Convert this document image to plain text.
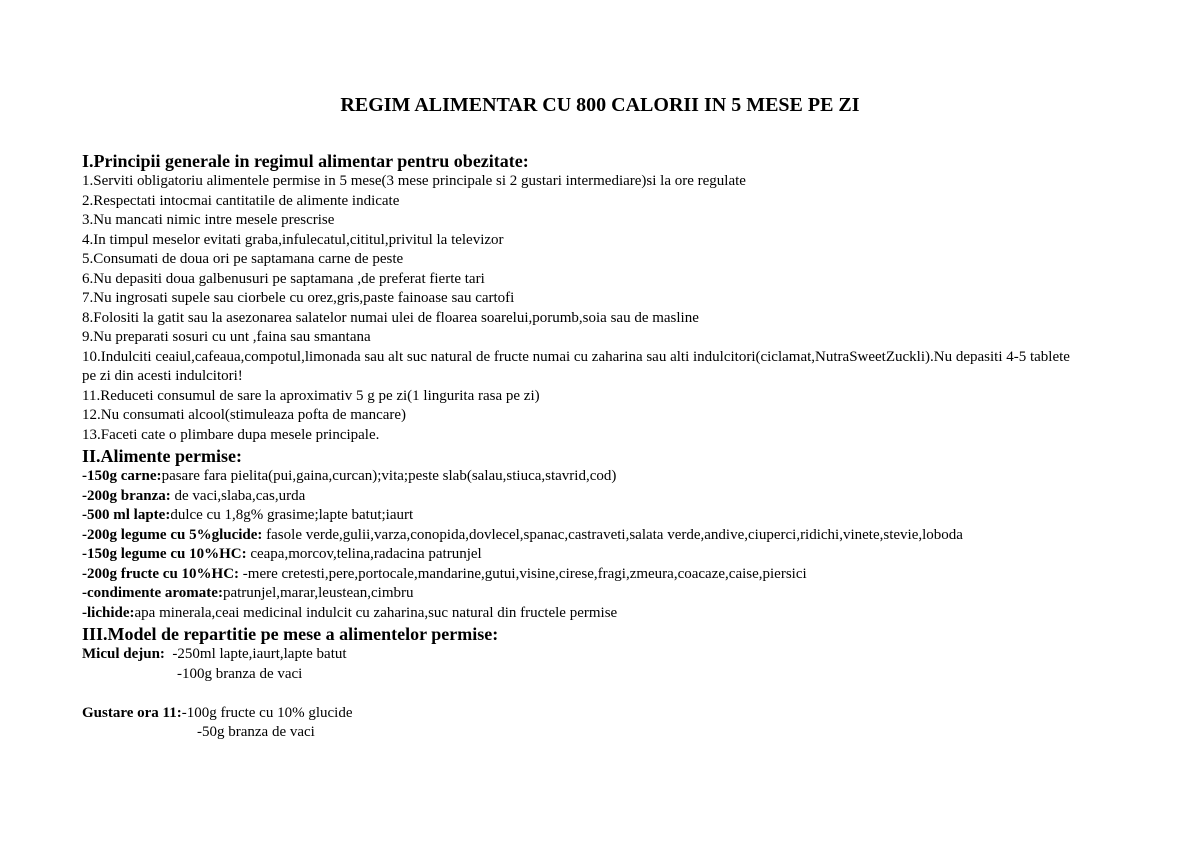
REGIM ALIMENTAR CU 800 CALORII IN 5 MESE PE ZI
I.Principii generale in regimul alimentar pentru obezitate:
1.Serviti obligatoriu alimentele permise in 5 mese(3 mese principale si 2 gustari intermediare)si la ore regulate
2.Respectati intocmai cantitatile de alimente indicate
3.Nu mancati nimic intre mesele prescrise
4.In timpul meselor evitati graba,infulecatul,cititul,privitul la televizor
5.Consumati de doua ori pe saptamana carne de peste
6.Nu depasiti doua galbenusuri pe saptamana ,de preferat fierte tari
7.Nu ingrosati supele sau ciorbele cu orez,gris,paste fainoase sau cartofi
8.Folositi la gatit sau la asezonarea salatelor numai ulei de floarea soarelui,porumb,soia sau de masline
9.Nu preparati sosuri cu unt ,faina sau smantana
10.Indulciti ceaiul,cafeaua,compotul,limonada sau alt suc natural de fructe numai cu zaharina sau alti indulcitori(ciclamat,NutraSweetZuckli).Nu depasiti 4-5 tablete pe zi din acesti indulcitori!
11.Reduceti consumul de sare la aproximativ 5 g pe zi(1 lingurita rasa pe zi)
12.Nu consumati alcool(stimuleaza pofta de mancare)
13.Faceti cate o plimbare dupa mesele principale.
II.Alimente permise:
-150g carne:pasare fara pielita(pui,gaina,curcan);vita;peste slab(salau,stiuca,stavrid,cod)
-200g branza: de vaci,slaba,cas,urda
-500 ml lapte:dulce cu 1,8g% grasime;lapte batut;iaurt
-200g legume cu 5%glucide: fasole verde,gulii,varza,conopida,dovlecel,spanac,castraveti,salata verde,andive,ciuperci,ridichi,vinete,stevie,loboda
-150g legume cu 10%HC: ceapa,morcov,telina,radacina patrunjel
-200g fructe cu 10%HC: -mere cretesti,pere,portocale,mandarine,gutui,visine,cirese,fragi,zmeura,coacaze,caise,piersici
-condimente aromate:patrunjel,marar,leustean,cimbru
-lichide:apa minerala,ceai medicinal indulcit cu zaharina,suc natural din fructele permise
III.Model de repartitie pe mese a alimentelor permise:
Micul dejun:  -250ml lapte,iaurt,lapte batut
-100g branza de vaci
Gustare ora 11:-100g fructe cu 10% glucide
-50g branza de vaci
